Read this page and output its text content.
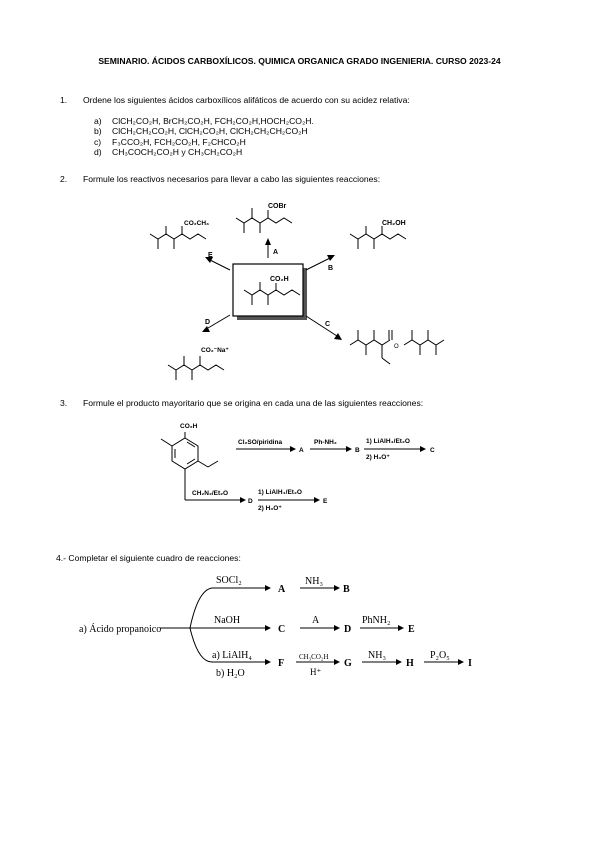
SEMINARIO. ÁCIDOS CARBOXÍLICOS. QUIMICA ORGANICA GRADO INGENIERIA. CURSO 2023-24
1. Ordene los siguientes ácidos carboxílicos alifáticos de acuerdo con su acidez relativa:
a) ClCH₂CO₂H, BrCH₂CO₂H, FCH₂CO₂H,HOCH₂CO₂H.
b) ClCH₂CH₂CO₂H, ClCH₂CO₂H, ClCH₂CH₂CH₂CO₂H
c) F₃CCO₂H, FCH₂CO₂H, F₂CHCO₂H
d) CH₃COCH₂CO₂H y CH₃CH₂CO₂H
2. Formule los reactivos necesarios para llevar a cabo las siguientes reacciones:
CO₂H
COBr
A
CO₂CH₃
E
CH₂OH
B
CO₂⁻Na⁺
D
O
C
3. Formule el producto mayoritario que se origina en cada una de las siguientes reacciones:
CO₂H
Cl₂SO/piridina
A
Ph-NH₂
B
1) LiAlH₄/Et₂O
2) H₃O⁺
C
CH₂N₂/Et₂O
D
1) LiAlH₄/Et₂O
2) H₃O⁺
E
4.- Completar el siguiente cuadro de reacciones:
a) Ácido propanoico
SOCl₂
A
NH₃
B
NaOH
C
A
D
PhNH₂
E
a) LiAlH₄
b) H₂O
F
CH₃CO₂H
H⁺
G
NH₃
H
P₂O₅
I
